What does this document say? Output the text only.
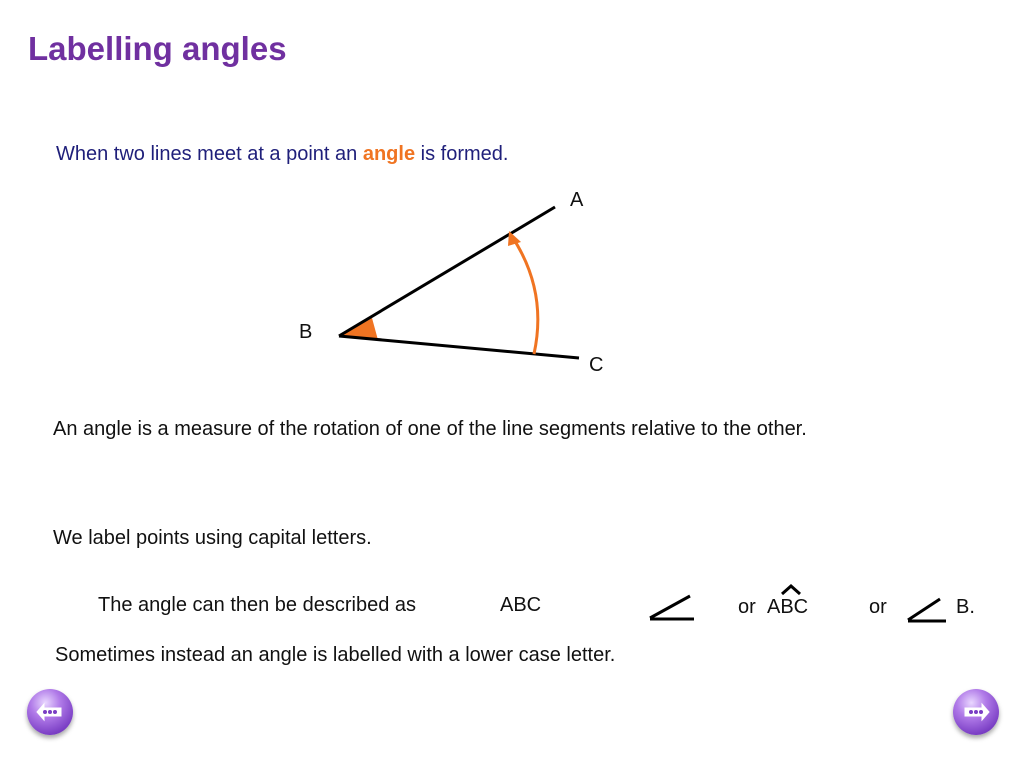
Labelling angles
When two lines meet at a point an angle is formed.
A
B
C
An angle is a measure of the rotation of one of the line segments relative to the other.
We label points using capital letters.
The angle can then be described as	ABC	or ABC	or	B.
Sometimes instead an angle is labelled with a lower case letter.
